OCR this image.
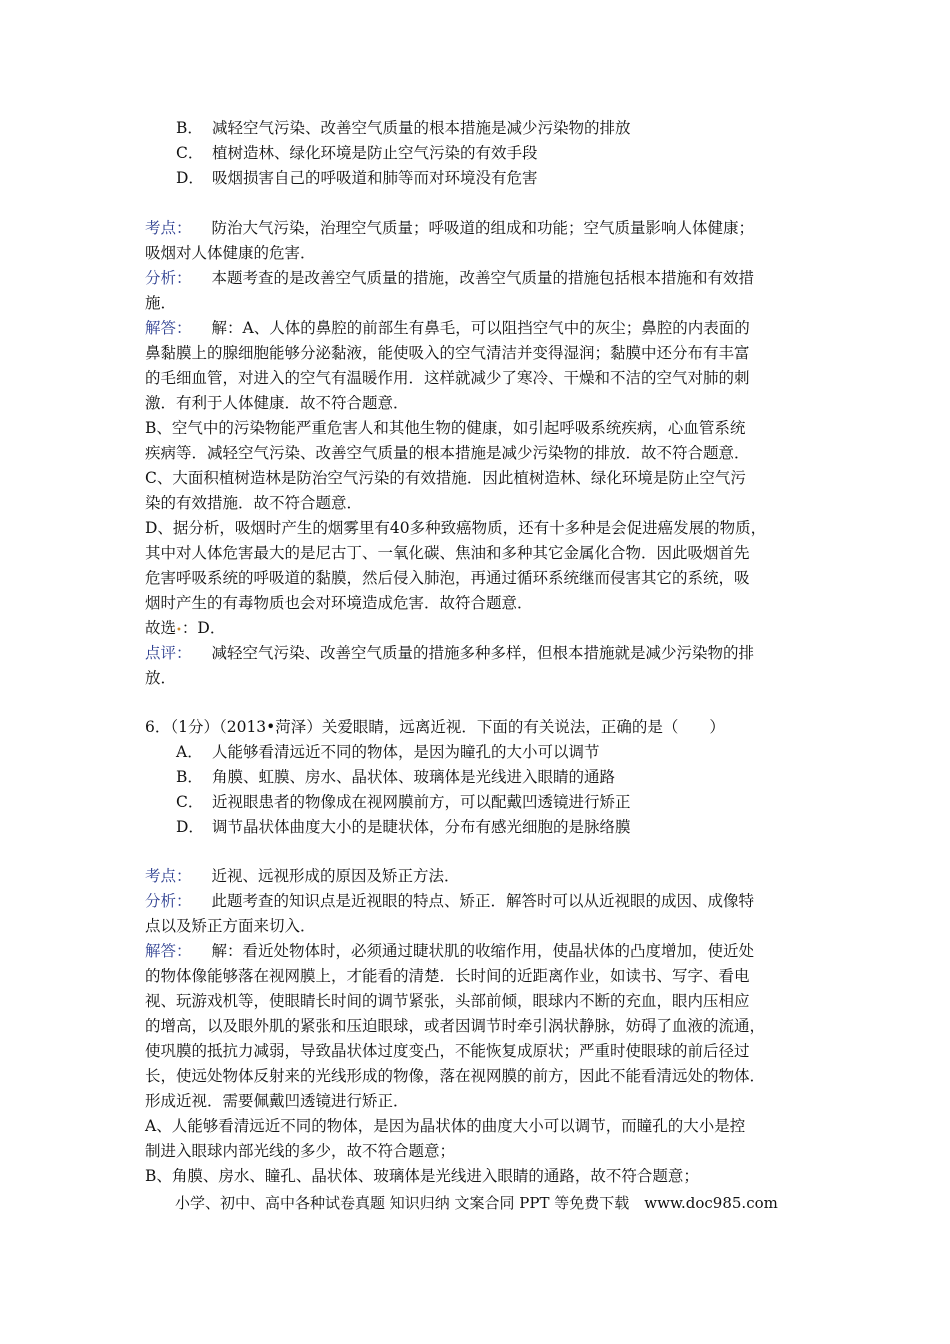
B． 减轻空气污染、改善空气质量的根本措施是减少污染物的排放
C． 植树造林、绿化环境是防止空气污染的有效手段
D． 吸烟损害自己的呼吸道和肺等而对环境没有危害
考点： 防治大气污染，治理空气质量；呼吸道的组成和功能；空气质量影响人体健康；
吸烟对人体健康的危害．
分析： 本题考查的是改善空气质量的措施，改善空气质量的措施包括根本措施和有效措
施．
解答： 解：A、人体的鼻腔的前部生有鼻毛，可以阻挡空气中的灰尘；鼻腔的内表面的
鼻黏膜上的腺细胞能够分泌黏液，能使吸入的空气清洁并变得湿润；黏膜中还分布有丰富
的毛细血管，对进入的空气有温暖作用．这样就减少了寒冷、干燥和不洁的空气对肺的刺
激．有利于人体健康．故不符合题意．
B、空气中的污染物能严重危害人和其他生物的健康，如引起呼吸系统疾病，心血管系统
疾病等．减轻空气污染、改善空气质量的根本措施是减少污染物的排放．故不符合题意．
C、大面积植树造林是防治空气污染的有效措施．因此植树造林、绿化环境是防止空气污
染的有效措施．故不符合题意．
D、据分析，吸烟时产生的烟雾里有40多种致癌物质，还有十多种是会促进癌发展的物质，
其中对人体危害最大的是尼古丁、一氧化碳、焦油和多种其它金属化合物．因此吸烟首先
危害呼吸系统的呼吸道的黏膜，然后侵入肺泡，再通过循环系统继而侵害其它的系统，吸
烟时产生的有毒物质也会对环境造成危害．故符合题意．
故选•：D．
点评： 减轻空气污染、改善空气质量的措施多种多样，但根本措施就是减少污染物的排
放．
6．（1分）（2013•菏泽）关爱眼睛，远离近视．下面的有关说法，正确的是（　　）
A． 人能够看清远近不同的物体，是因为瞳孔的大小可以调节
B． 角膜、虹膜、房水、晶状体、玻璃体是光线进入眼睛的通路
C． 近视眼患者的物像成在视网膜前方，可以配戴凹透镜进行矫正
D． 调节晶状体曲度大小的是睫状体，分布有感光细胞的是脉络膜
考点： 近视、远视形成的原因及矫正方法．
分析： 此题考查的知识点是近视眼的特点、矫正．解答时可以从近视眼的成因、成像特
点以及矫正方面来切入．
解答： 解：看近处物体时，必须通过睫状肌的收缩作用，使晶状体的凸度增加，使近处
的物体像能够落在视网膜上，才能看的清楚．长时间的近距离作业，如读书、写字、看电
视、玩游戏机等，使眼睛长时间的调节紧张，头部前倾，眼球内不断的充血，眼内压相应
的增高，以及眼外肌的紧张和压迫眼球，或者因调节时牵引涡状静脉，妨碍了血液的流通，
使巩膜的抵抗力减弱，导致晶状体过度变凸，不能恢复成原状；严重时使眼球的前后径过
长，使远处物体反射来的光线形成的物像，落在视网膜的前方，因此不能看清远处的物体．
形成近视．需要佩戴凹透镜进行矫正．
A、人能够看清远近不同的物体，是因为晶状体的曲度大小可以调节，而瞳孔的大小是控
制进入眼球内部光线的多少，故不符合题意；
B、角膜、房水、瞳孔、晶状体、玻璃体是光线进入眼睛的通路，故不符合题意；
小学、初中、高中各种试卷真题 知识归纳 文案合同 PPT 等免费下载　www.doc985.com
